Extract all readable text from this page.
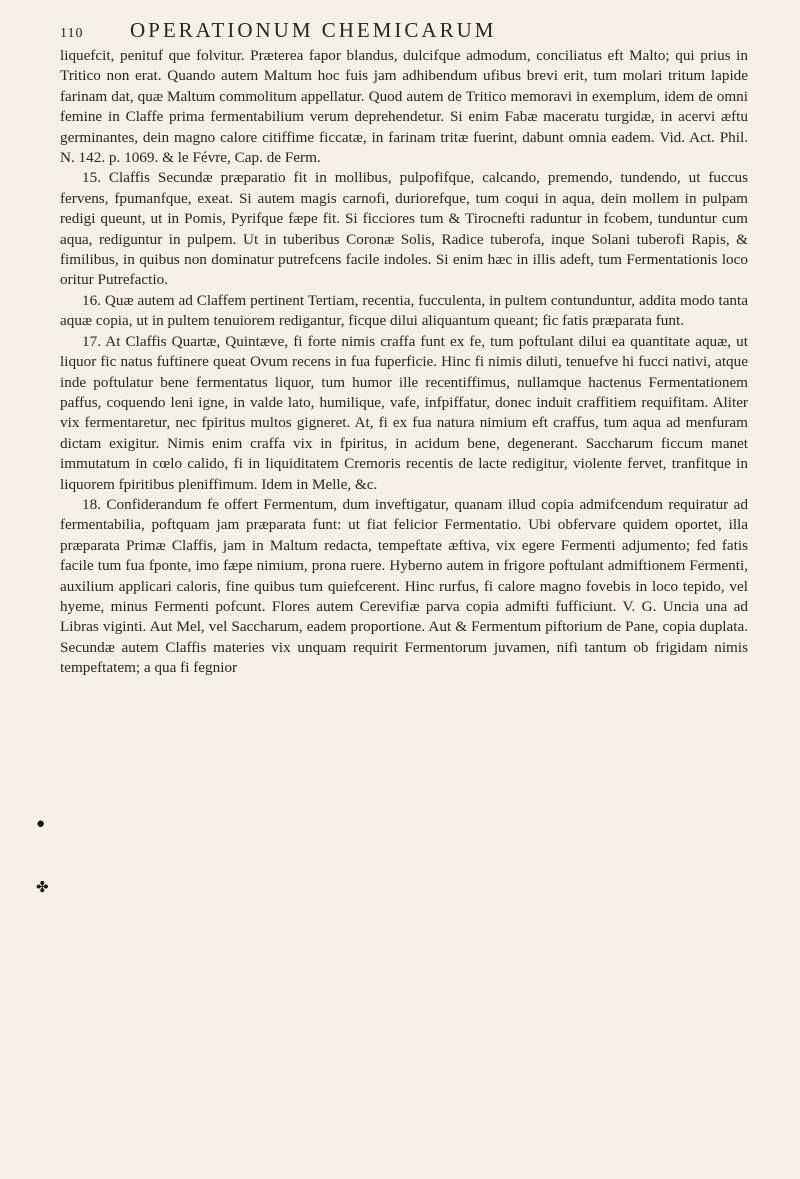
110	OPERATIONUM CHEMICARUM

liquefcit, penituf que folvitur. Præterea fapor blandus, dulcifque admodum, conciliatus eft Malto; qui prius in Tritico non erat. Quando autem Maltum hoc fuis jam adhibendum ufibus brevi erit, tum molari tritum lapide farinam dat, quæ Maltum commolitum appellatur. Quod autem de Tritico memoravi in exemplum, idem de omni femine in Claffe prima fermentabilium verum deprehendetur. Si enim Fabæ maceratu turgidæ, in acervi æftu germinantes, dein magno calore citiffime ficcatæ, in farinam tritæ fuerint, dabunt omnia eadem. Vid. Act. Phil. N. 142. p. 1069. & le Févre, Cap. de Ferm.

15. Claffis Secundæ præparatio fit in mollibus, pulpofifque, calcando, premendo, tundendo, ut fuccus fervens, fpumanfque, exeat. Si autem magis carnofi, duriorefque, tum coqui in aqua, dein mollem in pulpam redigi queunt, ut in Pomis, Pyrifque fæpe fit. Si ficciores tum & Tirocnefti raduntur in fcobem, tunduntur cum aqua, rediguntur in pulpem. Ut in tuberibus Coronæ Solis, Radice tuberofa, inque Solani tuberofi Rapis, & fimilibus, in quibus non dominatur putrefcens facile indoles. Si enim hæc in illis adeft, tum Fermentationis loco oritur Putrefactio.

16. Quæ autem ad Claffem pertinent Tertiam, recentia, fucculenta, in pultem contunduntur, addita modo tanta aquæ copia, ut in pultem tenuiorem redigantur, ficque dilui aliquantum queant; fic fatis præparata funt.

17. At Claffis Quartæ, Quintæve, fi forte nimis craffa funt ex fe, tum poftulant dilui ea quantitate aquæ, ut liquor fic natus fuftinere queat Ovum recens in fua fuperficie. Hinc fi nimis diluti, tenuefve hi fucci nativi, atque inde poftulatur bene fermentatus liquor, tum humor ille recentiffimus, nullamque hactenus Fermentationem paffus, coquendo leni igne, in valde lato, humilique, vafe, infpiffatur, donec induit craffitiem requifitam. Aliter vix fermentaretur, nec fpiritus multos gigneret. At, fi ex fua natura nimium eft craffus, tum aqua ad menfuram dictam exigitur. Nimis enim craffa vix in fpiritus, in acidum bene, degenerant. Saccharum ficcum manet immutatum in cœlo calido, fi in liquiditatem Cremoris recentis de lacte redigitur, violente fervet, tranfitque in liquorem fpiritibus pleniffimum. Idem in Melle, &c.

18. Confiderandum fe offert Fermentum, dum inveftigatur, quanam illud copia admifcendum requiratur ad fermentabilia, poftquam jam præparata funt: ut fiat felicior Fermentatio. Ubi obfervare quidem oportet, illa præparata Primæ Claffis, jam in Maltum redacta, tempeftate æftiva, vix egere Fermenti adjumento; fed fatis facile tum fua fponte, imo fæpe nimium, prona ruere. Hyberno autem in frigore poftulant admiftionem Fermenti, auxilium applicari caloris, fine quibus tum quiefcerent. Hinc rurfus, fi calore magno fovebis in loco tepido, vel hyeme, minus Fermenti pofcunt. Flores autem Cerevifiæ parva copia admifti fufficiunt. V. G. Uncia una ad Libras viginti. Aut Mel, vel Saccharum, eadem proportione. Aut & Fermentum piftorium de Pane, copia duplata. Secundæ autem Claffis materies vix unquam requirit Fermentorum juvamen, nifi tantum ob frigidam nimis tempeftatem; a qua fi fegnior

●
✤
